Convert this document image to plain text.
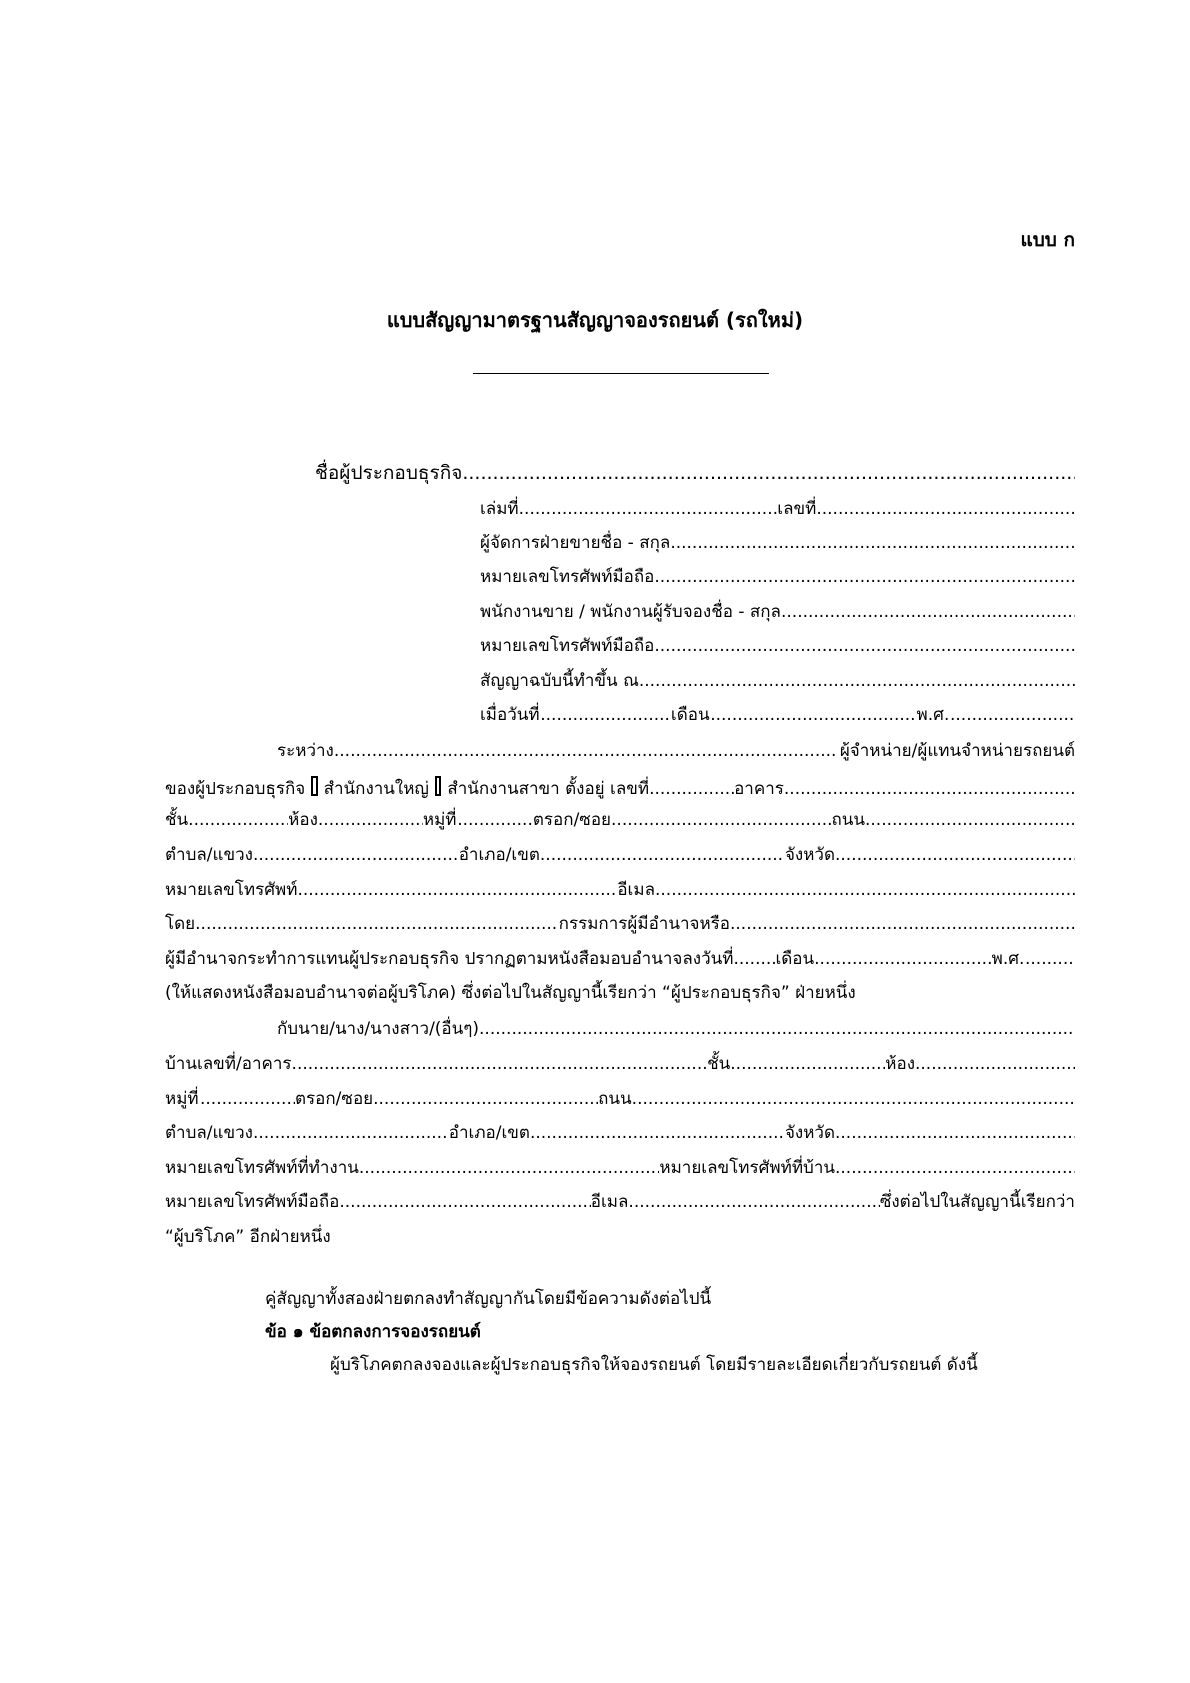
แบบ ก
แบบสัญญามาตรฐานสัญญาจองรถยนต์ (รถใหม่)
ชื่อผู้ประกอบธุรกิจ
.....
เล่มที่ .....	เลขที่
.....
ผู้จัดการฝ่ายขายชื่อ - สกุล
.....
หมายเลขโทรศัพท์มือถือ
.....
พนักงานขาย / พนักงานผู้รับจองชื่อ - สกุล
.....
หมายเลขโทรศัพท์มือถือ
.....
สัญญาฉบับนี้ทำขึ้น ณ
.....
เมื่อวันที่ .....	เดือน .....	พ.ศ.
.....
ระหว่าง .....	ผู้จำหน่าย/ผู้แทนจำหน่ายรถยนต์
ของผู้ประกอบธุรกิจ สำนักงานใหญ่ สำนักงานสาขา ตั้งอยู่ เลขที่ .....	อาคาร
.....
ชั้น .....	ห้อง .....	หมู่ที่ .....	ตรอก/ซอย .....	ถนน
.....
ตำบล/แขวง .....	อำเภอ/เขต .....	จังหวัด
.....
หมายเลขโทรศัพท์ .....	อีเมล
.....
โดย .....	กรรมการผู้มีอำนาจหรือ
.....
ผู้มีอำนาจกระทำการแทนผู้ประกอบธุรกิจ ปรากฏตามหนังสือมอบอำนาจลงวันที่ ..... เดือน .....	พ.ศ.
.....
(ให้แสดงหนังสือมอบอำนาจต่อผู้บริโภค) ซึ่งต่อไปในสัญญานี้เรียกว่า “ผู้ประกอบธุรกิจ” ฝ่ายหนึ่ง
กับนาย/นาง/นางสาว/(อื่นๆ)
.....
บ้านเลขที่/อาคาร .....	ชั้น .....	ห้อง
.....
หมู่ที่ .....	ตรอก/ซอย .....	ถนน
.....
ตำบล/แขวง .....	อำเภอ/เขต .....	จังหวัด
.....
หมายเลขโทรศัพท์ที่ทำงาน .....	หมายเลขโทรศัพท์ที่บ้าน
.....
หมายเลขโทรศัพท์มือถือ .....	อีเมล .....	ซึ่งต่อไปในสัญญานี้เรียกว่า
“ผู้บริโภค” อีกฝ่ายหนึ่ง
คู่สัญญาทั้งสองฝ่ายตกลงทำสัญญากันโดยมีข้อความดังต่อไปนี้
ข้อ ๑ ข้อตกลงการจองรถยนต์
ผู้บริโภคตกลงจองและผู้ประกอบธุรกิจให้จองรถยนต์ โดยมีรายละเอียดเกี่ยวกับรถยนต์ ดังนี้
